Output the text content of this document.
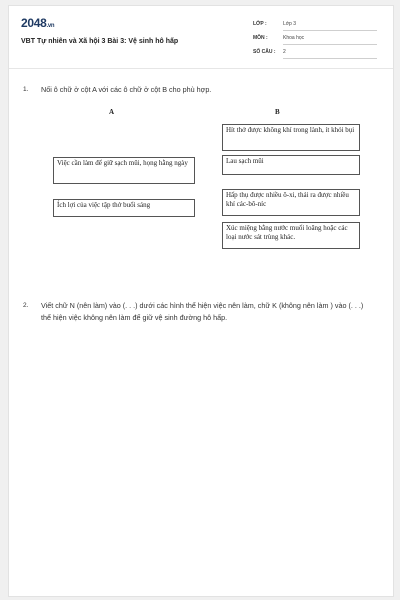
2048.vn
VBT Tự nhiên và Xã hội 3 Bài 3: Vệ sinh hô hấp
LỚP :	Lớp 3
MÔN :	Khoa học
SỐ CÂU : 2
1. Nối ô chữ ở cột A với các ô chữ ở cột B cho phù hợp.
A	B
Việc cần làm để giữ sạch mũi, họng hằng ngày
Ích lợi của việc tập thở buổi sáng
Hít thở được không khí trong lành, ít khói bụi
Lau sạch mũi
Hấp thụ được nhiều ô-xi, thải ra được nhiều khí các-bô-níc
Xúc miệng bằng nước muối loãng hoặc các loại nước sát trùng khác.
2. Viết chữ N (nên làm) vào (. . .) dưới các hình thể hiện việc nên làm, chữ K (không nên làm ) vào (. . .) thể hiện việc không nên làm để giữ vệ sinh đường hô hấp.
